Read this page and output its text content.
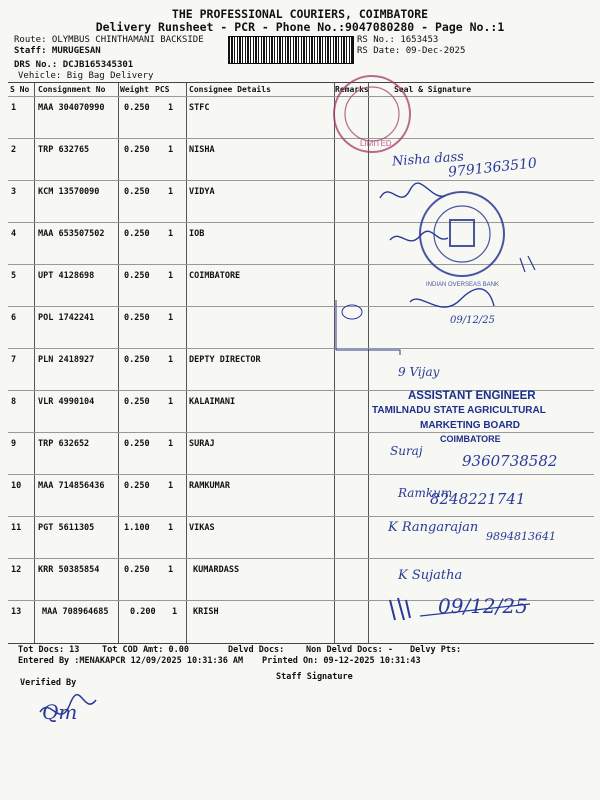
THE PROFESSIONAL COURIERS, COIMBATORE
Delivery Runsheet - PCR - Phone No.:9047080280 - Page No.:1
Route: OLYMBUS CHINTHAMANI BACKSIDE
Staff: MURUGESAN
DRS No.: DCJB165345301
Vehicle: Big Bag Delivery
RS No.: 1653453
RS Date: 09-Dec-2025
S No Consignment No Weight PCS Consignee Details	Remarks	Seal & Signature
1	MAA 304070990 0.250 1 STFC
2	TRP 632765	0.250 1 NISHA
3	KCM 13570090	0.250 1 VIDYA
4	MAA 653507502 0.250 1 IOB
5	UPT 4128698	0.250 1 COIMBATORE
6	POL 1742241	0.250 1
7	PLN 2418927	0.250 1 DEPTY DIRECTOR
8	VLR 4990104	0.250 1 KALAIMANI
9	TRP 632652	0.250 1 SURAJ
10 MAA 714856436 0.250 1 RAMKUMAR
11 PGT 5611305	1.100 1 VIKAS
12 KRR 50385854	0.250 1 KUMARDASS
13 MAA 708964685	0.200 1 KRISH
LIMITED
INDIAN OVERSEAS BANK
Nisha dass
9791363510
09/12/25
9 Vijay
Suraj
9360738582
Ramkum
8248221741
K Rangarajan
9894813641
K Sujatha
09/12/25
ASSISTANT ENGINEER
TAMILNADU STATE AGRICULTURAL
MARKETING BOARD
COIMBATORE
Tot Docs: 13	Tot COD Amt: 0.00	Delvd Docs:	Non Delvd Docs: - Delvy Pts:
Entered By :MENAKAPCR 12/09/2025 10:31:36 AM Printed On: 09-12-2025 10:31:43
Staff Signature
Verified By
Qm
